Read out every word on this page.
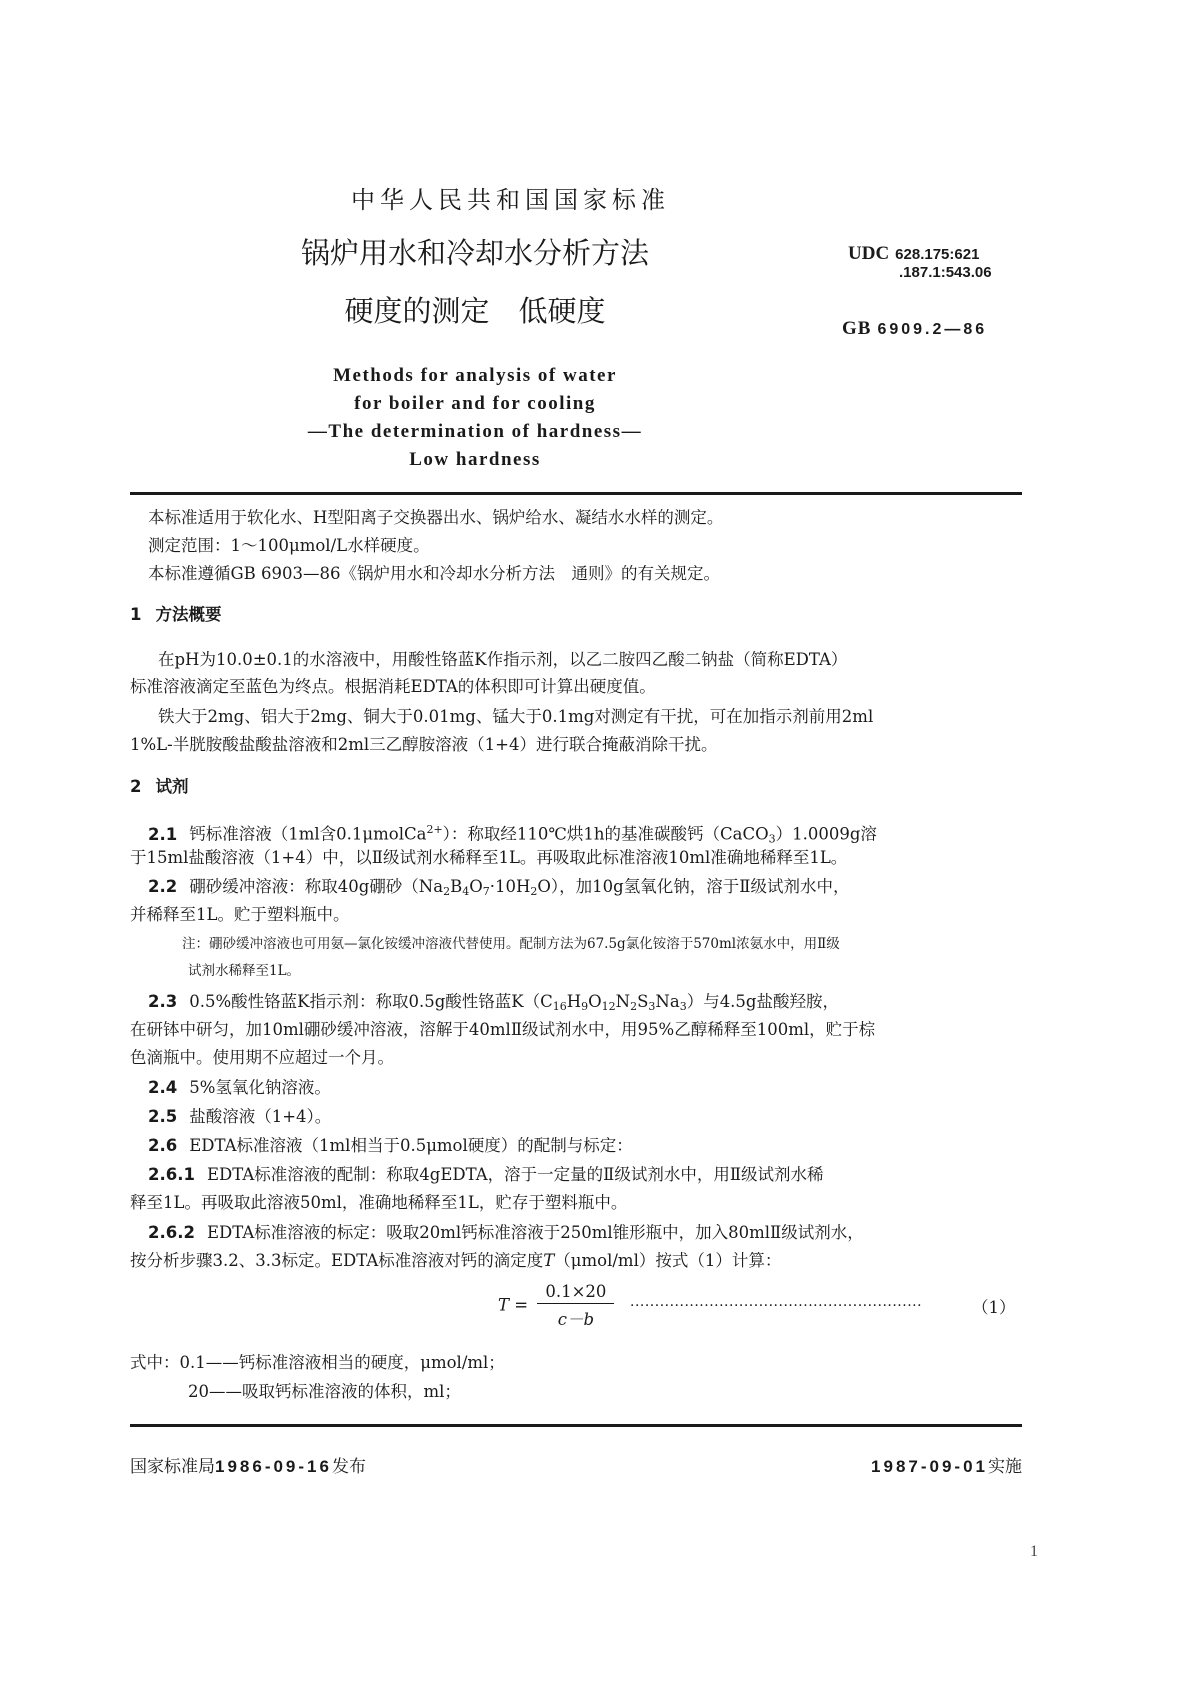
中华人民共和国国家标准
锅炉用水和冷却水分析方法
硬度的测定　低硬度
Methods for analysis of water
for boiler and for cooling
—The determination of hardness—
Low hardness
UDC 628.175:621
.187.1:543.06
GB 6909.2—86
本标准适用于软化水、H型阳离子交换器出水、锅炉给水、凝结水水样的测定。
测定范围：1～100μmol/L水样硬度。
本标准遵循GB 6903—86《锅炉用水和冷却水分析方法　通则》的有关规定。
1 方法概要
在pH为10.0±0.1的水溶液中，用酸性铬蓝K作指示剂，以乙二胺四乙酸二钠盐（简称EDTA）
标准溶液滴定至蓝色为终点。根据消耗EDTA的体积即可计算出硬度值。
铁大于2mg、铝大于2mg、铜大于0.01mg、锰大于0.1mg对测定有干扰，可在加指示剂前用2ml
1%L-半胱胺酸盐酸盐溶液和2ml三乙醇胺溶液（1+4）进行联合掩蔽消除干扰。
2 试剂
2.1 钙标准溶液（1ml含0.1μmolCa$^{2+}$）：称取经110℃烘1h的基准碳酸钙（CaCO$_3$）1.0009g溶
于15ml盐酸溶液（1+4）中，以Ⅱ级试剂水稀释至1L。再吸取此标准溶液10ml准确地稀释至1L。
2.2 硼砂缓冲溶液：称取40g硼砂$(Na_2B_4O_7\cdot 10H_2O)$，加10g氢氧化钠，溶于Ⅱ级试剂水中，
并稀释至1L。贮于塑料瓶中。
注：硼砂缓冲溶液也可用氨—氯化铵缓冲溶液代替使用。配制方法为67.5g氯化铵溶于570ml浓氨水中，用Ⅱ级
试剂水稀释至1L。
2.3 0.5%酸性铬蓝K指示剂：称取0.5g酸性铬蓝$K(C_{16}H_9O_{12}N_2S_3Na_3)$与4.5g盐酸羟胺，
在研钵中研匀，加10ml硼砂缓冲溶液，溶解于40mlⅡ级试剂水中，用95%乙醇稀释至100ml，贮于棕
色滴瓶中。使用期不应超过一个月。
2.4 5%氢氧化钠溶液。
2.5 盐酸溶液（1+4）。
2.6 EDTA标准溶液（1ml相当于0.5μmol硬度）的配制与标定：
2.6.1 EDTA标准溶液的配制：称取4gEDTA，溶于一定量的Ⅱ级试剂水中，用Ⅱ级试剂水稀
释至1L。再吸取此溶液50ml，准确地稀释至1L，贮存于塑料瓶中。
2.6.2 EDTA标准溶液的标定：吸取20ml钙标准溶液于250ml锥形瓶中，加入80mlⅡ级试剂水，
按分析步骤3.2、3.3标定。EDTA标准溶液对钙的滴定度T（μmol/ml）按式（1）计算：
$T = \frac{0.1\times 20}{c-b}$ ···························································	（1）
式中：0.1——钙标准溶液相当的硬度，μmol/ml；
20——吸取钙标准溶液的体积，ml；
国家标准局1986-09-16发布	1987-09-01实施
1
